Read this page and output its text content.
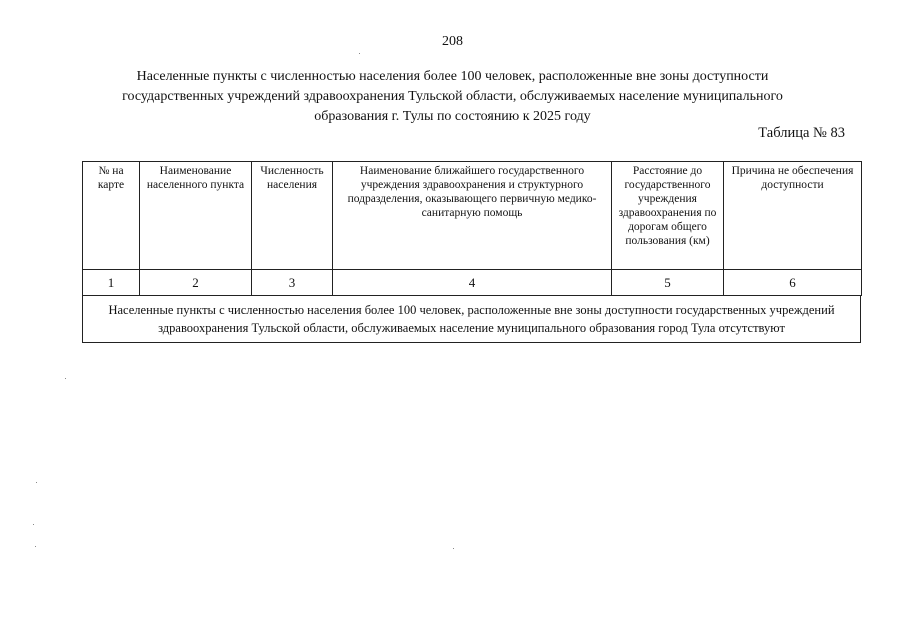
208
Населенные пункты с численностью населения более 100 человек, расположенные вне зоны доступности
государственных учреждений здравоохранения Тульской области, обслуживаемых население муниципального
образования г. Тулы по состоянию к 2025 году
Таблица № 83
№ на карте	Наименование населенного пункта	Численность населения	Наименование ближайшего государственного учреждения здравоохранения и структурного подразделения, оказывающего первичную медико-санитарную помощь	Расстояние до государственного учреждения здравоохранения по дорогам общего пользования (км)	Причина не обеспечения доступности
1	2	3	4	5	6
Населенные пункты с численностью населения более 100 человек, расположенные вне зоны доступности государственных учреждений здравоохранения Тульской области, обслуживаемых население муниципального образования город Тула отсутствуют
